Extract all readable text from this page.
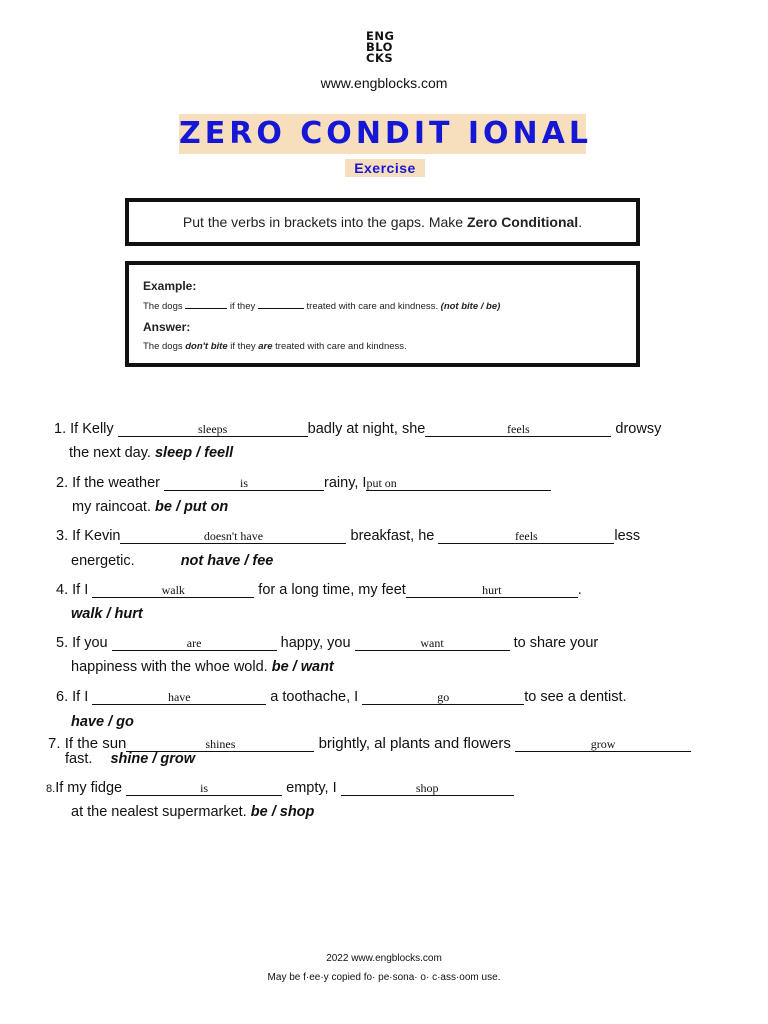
ENG
BLO
CKS
www.engblocks.com
ZERO CONDIT IONAL
Exercise
Put the verbs in brackets into the gaps. Make Zero Conditional.
Example:
The dogs	if they	treated with care and kindness. (not bite / be)
Answer:
The dogs don't bite if they are treated with care and kindness.
1. If Kelly	sleeps	badly at night, she	feels	drowsy
the next day. sleep / feell
2. If the weather	is	rainy, Iput on
my raincoat. be / put on
3. If Kevin	doesn't have	breakfast, he	feels	less
energetic.	not have / fee
4. If I	walk	for a long time, my feet	hurt	.
walk / hurt
5. If you	are	happy, you	want	to share your
happiness with the whoe wold. be / want
6. If I	have	a toothache, I	go	to see a dentist.
have / go
7. If the sun	shines	brightly, al plants and flowers	grow
fast. shine / grow
8.If my fidge	is	empty, I	shop
at the nealest supermarket. be / shop
2022 www.engblocks.com
May be f·ee·y copied fo· pe·sona· o· c·ass·oom use.
